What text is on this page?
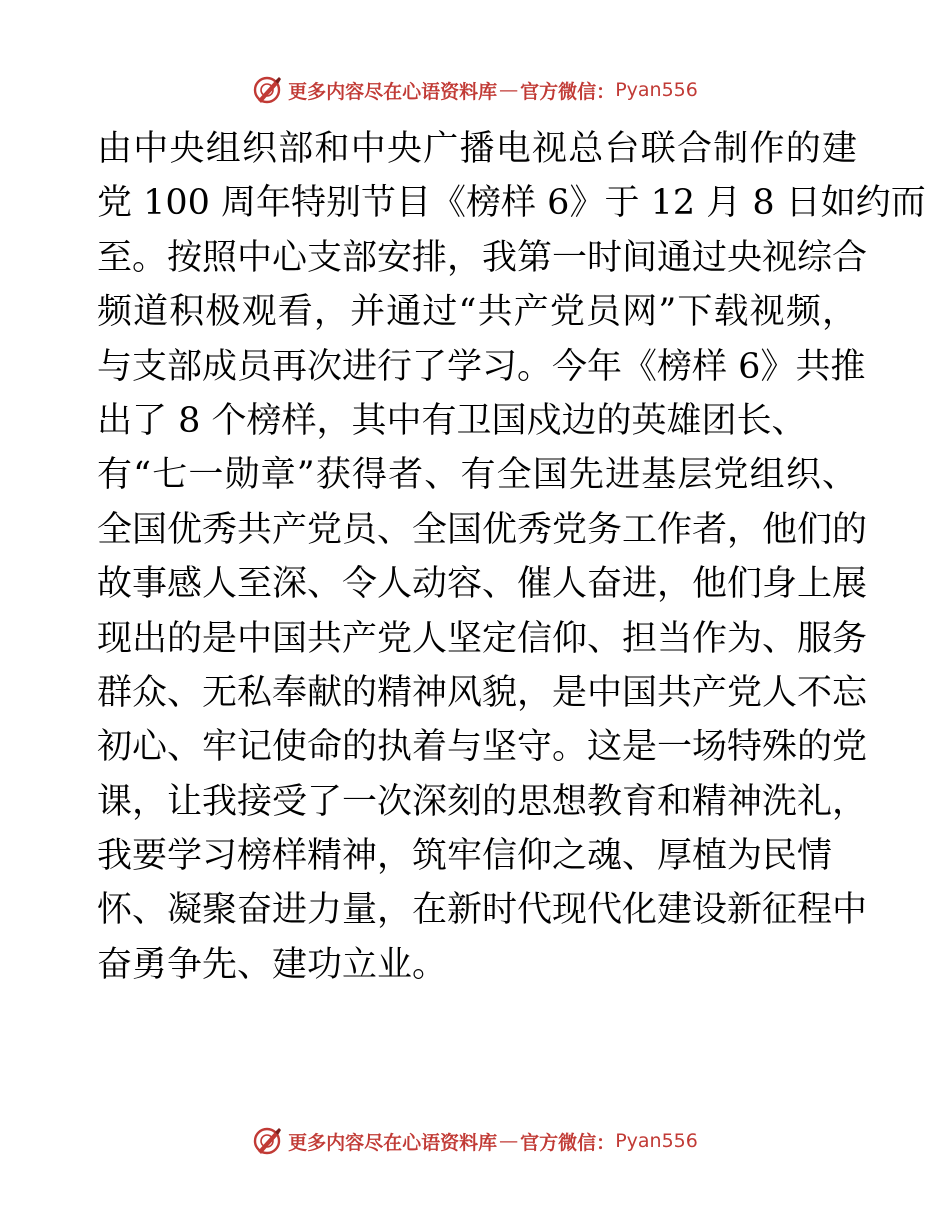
更多内容尽在心语资料库 — 官方微信： Pyan556
由中央组织部和中央广播电视总台联合制作的建
党 100 周年特别节目《榜样 6》于 12 月 8 日如约而
至。按照中心支部安排，我第一时间通过央视综合
频道积极观看，并通过“共产党员网”下载视频，
与支部成员再次进行了学习。今年《榜样 6》共推
出了 8 个榜样，其中有卫国戍边的英雄团长、
有“七一勋章”获得者、有全国先进基层党组织、
全国优秀共产党员、全国优秀党务工作者，他们的
故事感人至深、令人动容、催人奋进，他们身上展
现出的是中国共产党人坚定信仰、担当作为、服务
群众、无私奉献的精神风貌，是中国共产党人不忘
初心、牢记使命的执着与坚守。这是一场特殊的党
课，让我接受了一次深刻的思想教育和精神洗礼，
我要学习榜样精神，筑牢信仰之魂、厚植为民情
怀、凝聚奋进力量，在新时代现代化建设新征程中
奋勇争先、建功立业。
更多内容尽在心语资料库 — 官方微信： Pyan556
